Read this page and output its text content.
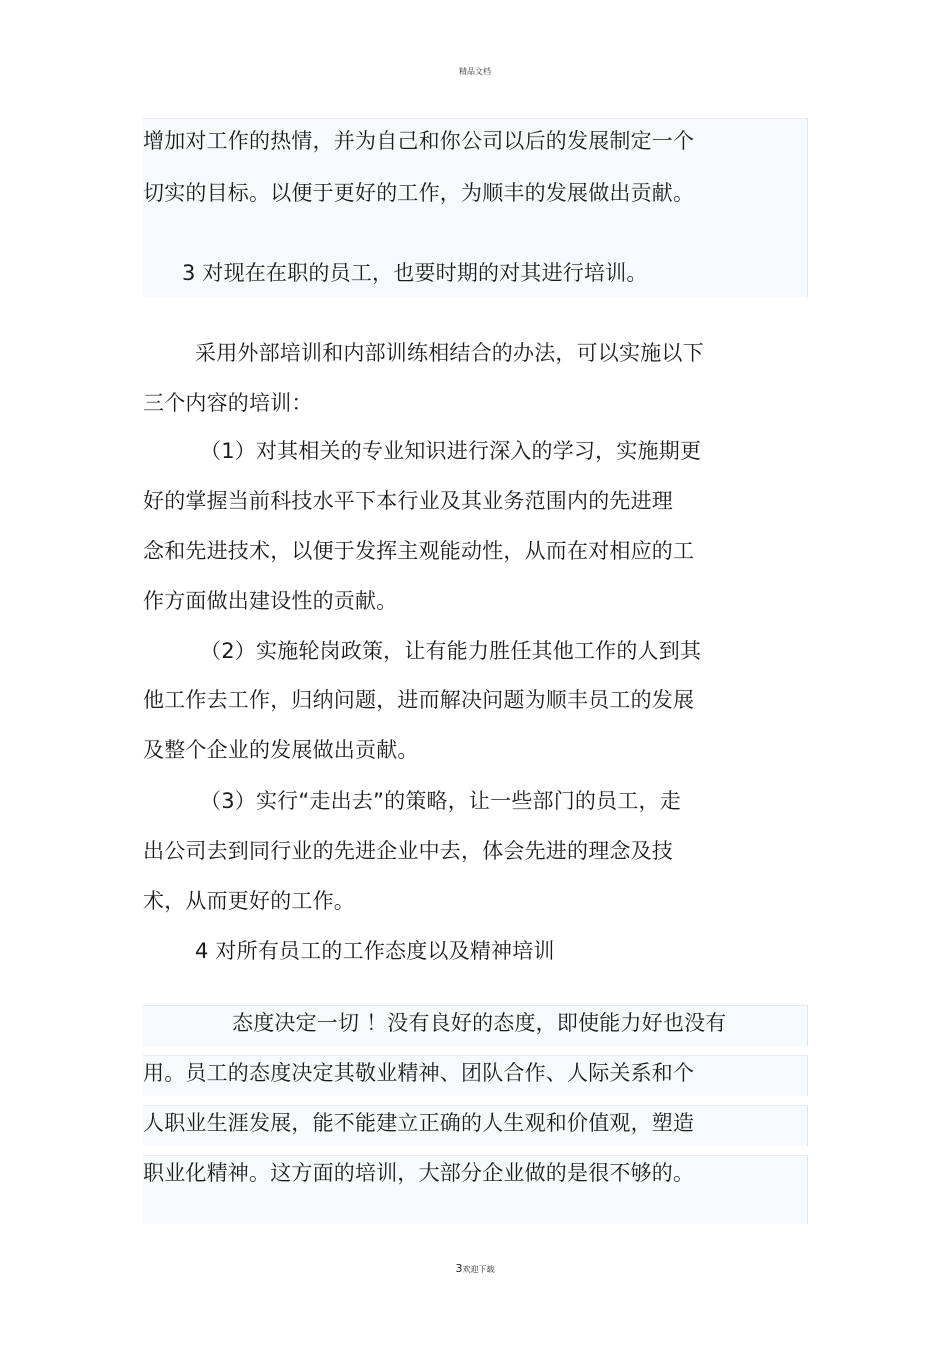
精品文档
增加对工作的热情，并为自己和你公司以后的发展制定一个
切实的目标。以便于更好的工作，为顺丰的发展做出贡献。
3 对现在在职的员工，也要时期的对其进行培训。
采用外部培训和内部训练相结合的办法，可以实施以下
三个内容的培训：
（1）对其相关的专业知识进行深入的学习，实施期更
好的掌握当前科技水平下本行业及其业务范围内的先进理
念和先进技术，以便于发挥主观能动性，从而在对相应的工
作方面做出建设性的贡献。
（2）实施轮岗政策，让有能力胜任其他工作的人到其
他工作去工作，归纳问题，进而解决问题为顺丰员工的发展
及整个企业的发展做出贡献。
（3）实行“走出去”的策略，让一些部门的员工，走
出公司去到同行业的先进企业中去，体会先进的理念及技
术，从而更好的工作。
4 对所有员工的工作态度以及精神培训
态度决定一切 ！没有良好的态度，即使能力好也没有
用。员工的态度决定其敬业精神、团队合作、人际关系和个
人职业生涯发展，能不能建立正确的人生观和价值观，塑造
职业化精神。这方面的培训，大部分企业做的是很不够的。
3欢迎下载
